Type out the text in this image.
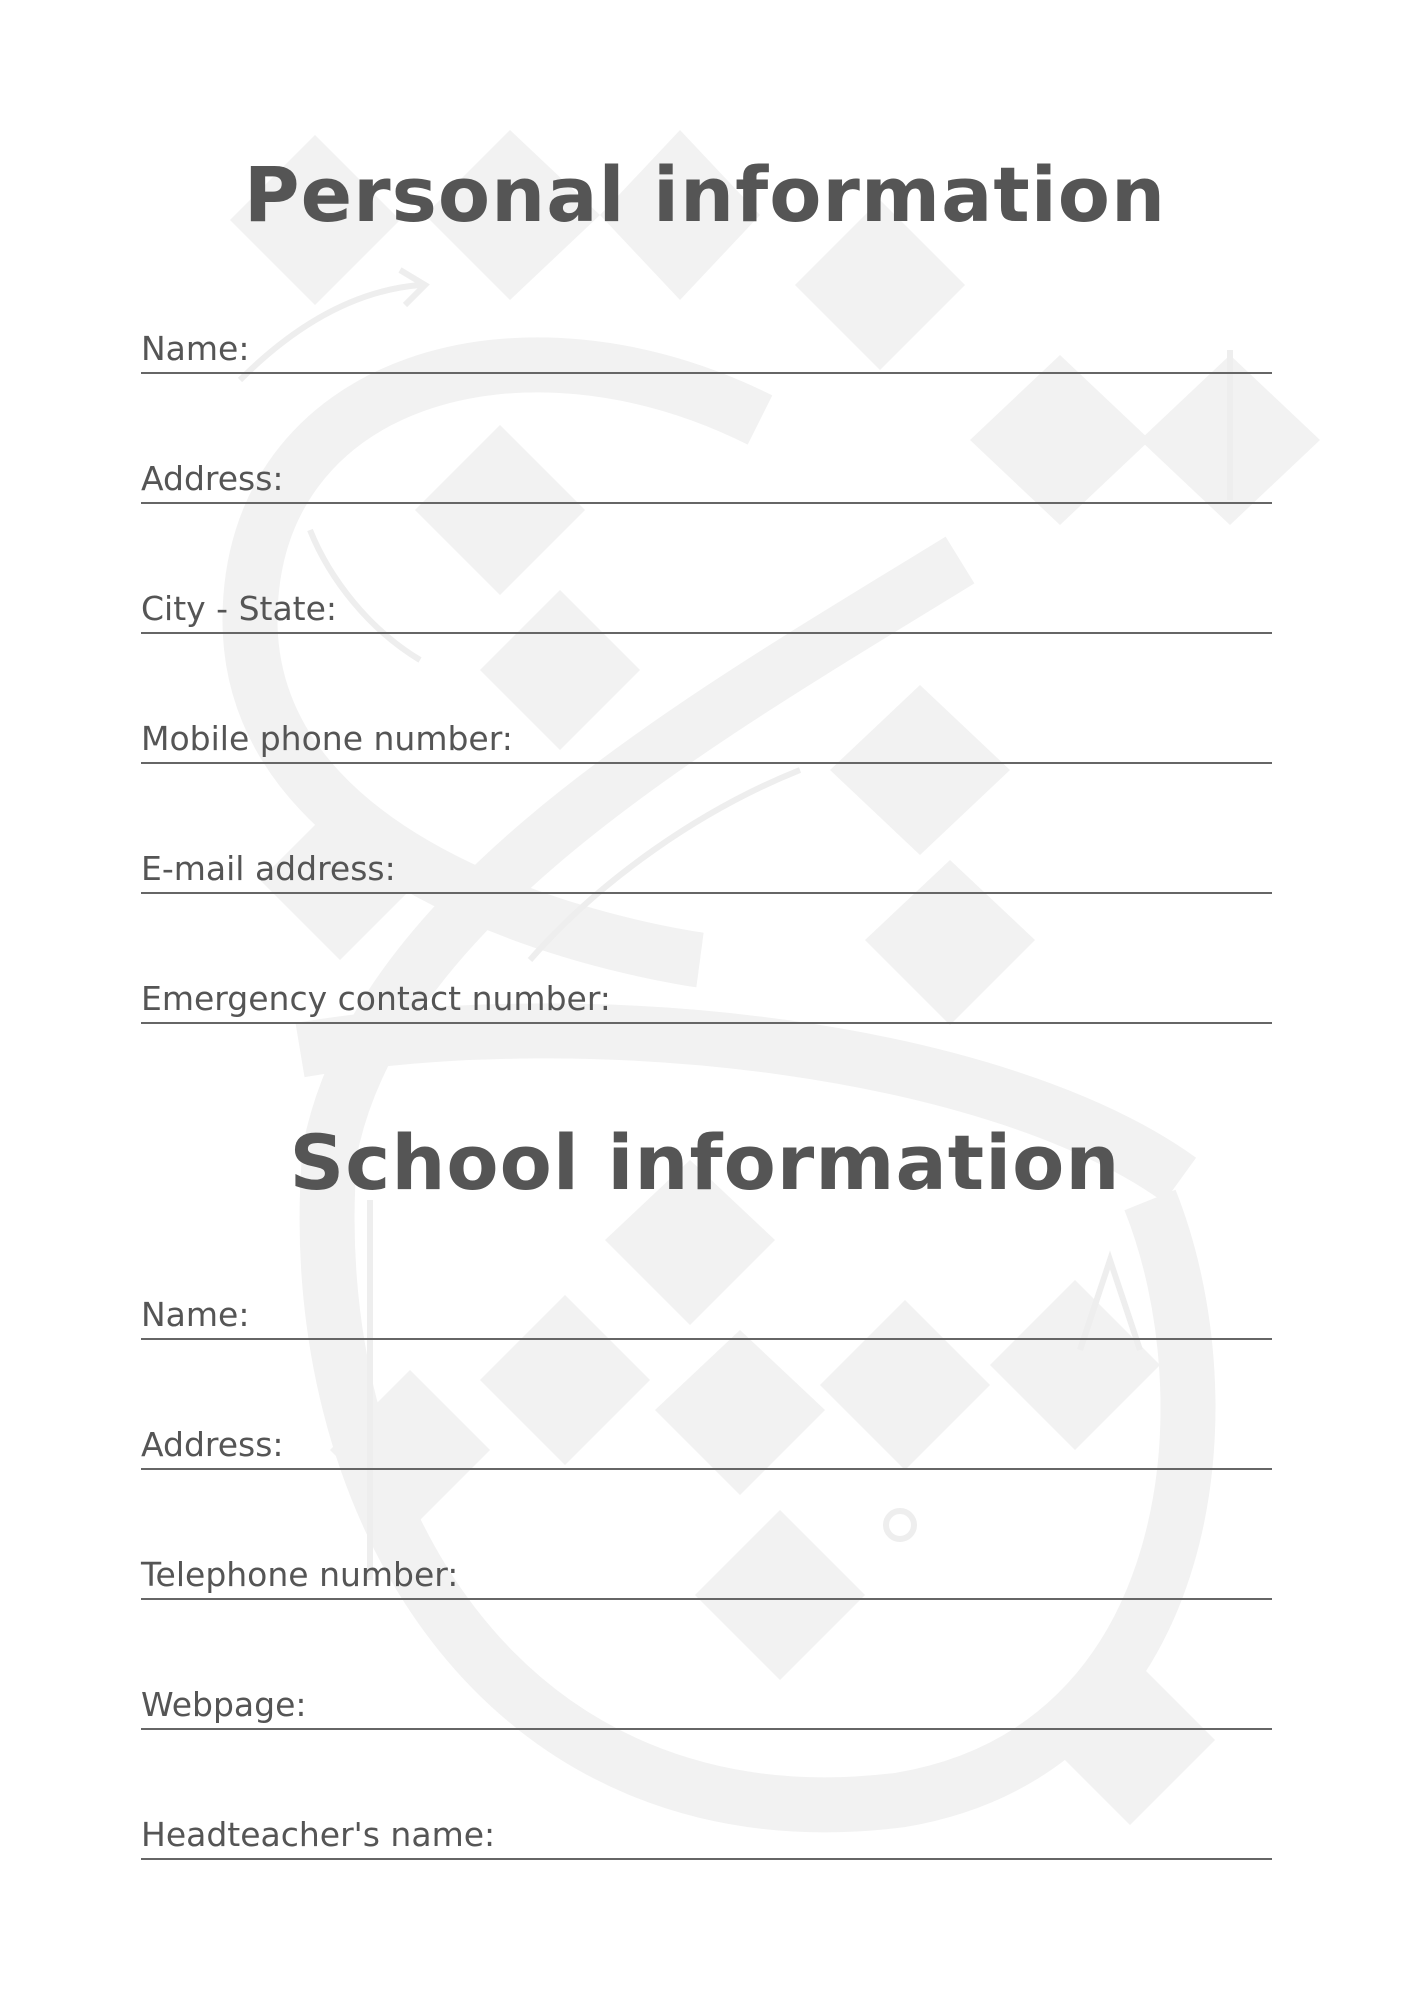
Personal information
Name:
Address:
City - State:
Mobile phone number:
E-mail address:
Emergency contact number:
School information
Name:
Address:
Telephone number:
Webpage:
Headteacher's name:
